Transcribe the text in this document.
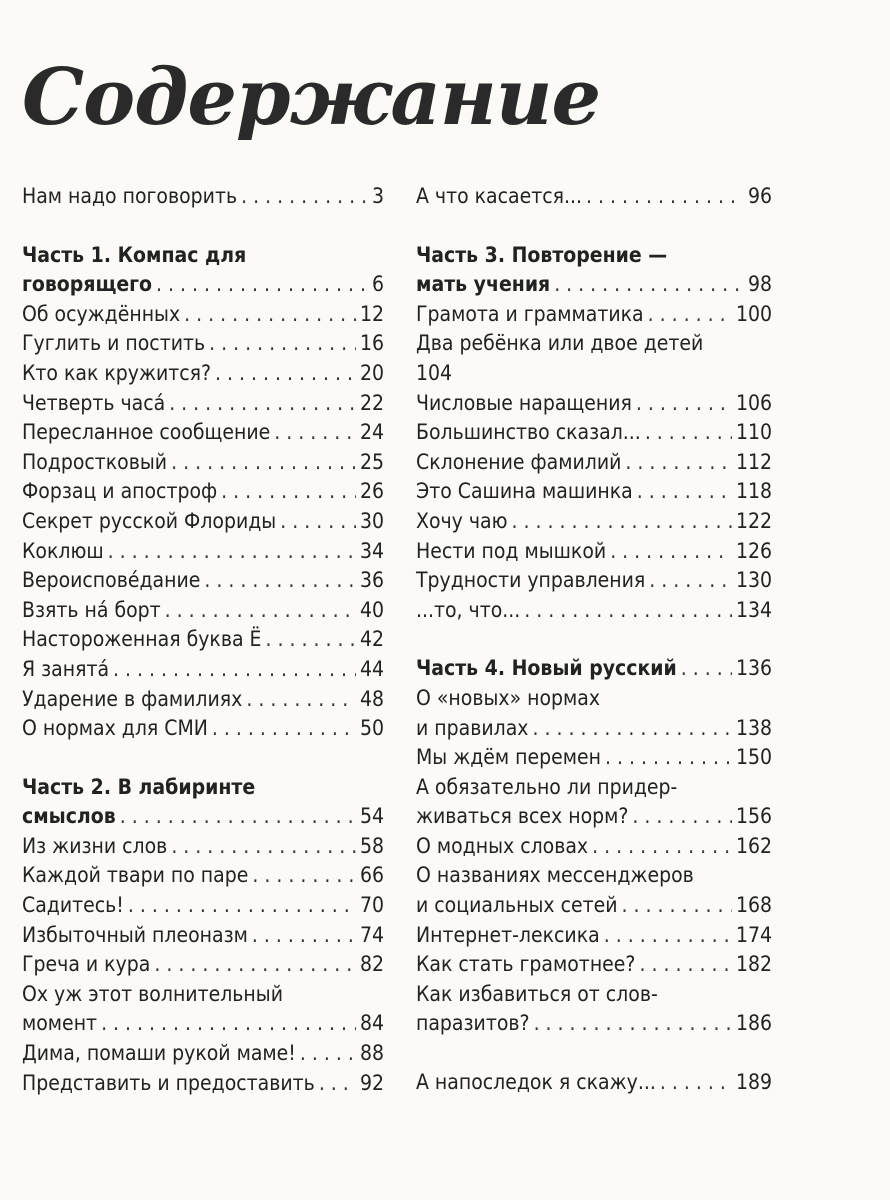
Содержание
Нам надо поговорить . . .	3
Часть 1. Компас для
говорящего . . .	6
Об осуждённых . . .	12
Гуглить и постить . . .	16
Кто как кружится? . . .	20
Четверть часа́ . . .	22
Пересланное сообщение . . .	24
Подростковый . . .	25
Форзац и апостроф . . .	26
Секрет русской Флориды . . .	30
Коклюш . . .	34
Вероиспове́дание . . .	36
Взять на́ борт . . .	40
Настороженная буква Ё . . .	42
Я занята́ . . .	44
Ударение в фамилиях . . .	48
О нормах для СМИ . . .	50
Часть 2. В лабиринте
смыслов . . .	54
Из жизни слов . . .	58
Каждой твари по паре . . .	66
Садитесь! . . .	70
Избыточный плеоназм . . .	74
Греча и кура . . .	82
Ох уж этот волнительный
момент . . .	84
Дима, помаши рукой маме! . . .	88
Представить и предоставить . . . 92
А что касается... . . .	96
Часть 3. Повторение —
мать учения . . .	98
Грамота и грамматика . . .	100
Два ребёнка или двое детей
104
Числовые наращения . . .	106
Большинство сказал... . . .	110
Склонение фамилий . . .	112
Это Сашина машинка . . .	118
Хочу чаю . . .	122
Нести под мышкой . . .	126
Трудности управления . . .	130
...то, что... . . .	134
Часть 4. Новый русский . . .	136
О «новых» нормах
и правилах . . .	138
Мы ждём перемен . . .	150
А обязательно ли придер-
живаться всех норм? . . .	156
О модных словах . . .	162
О названиях мессенджеров
и социальных сетей . . .	168
Интернет-лексика . . .	174
Как стать грамотнее? . . .	182
Как избавиться от слов-
паразитов? . . .	186
А напоследок я скажу... . . .	189
